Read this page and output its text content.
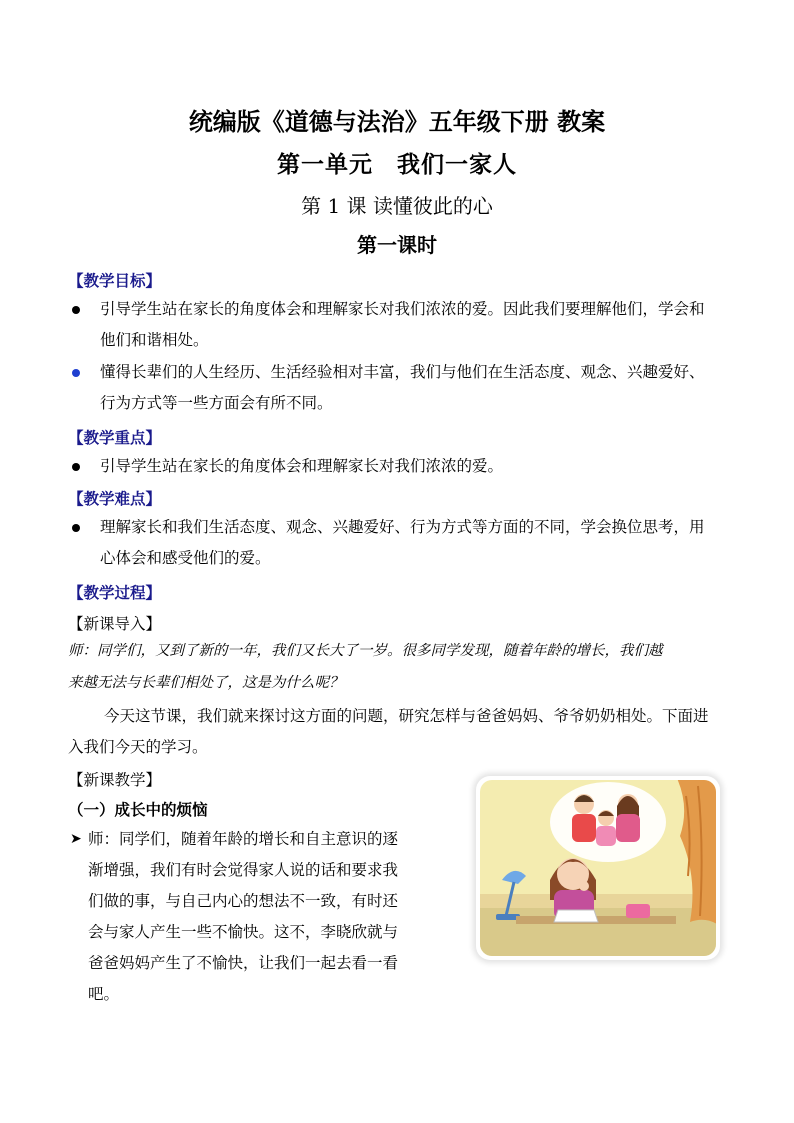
统编版《道德与法治》五年级下册 教案
第一单元　我们一家人
第 1 课 读懂彼此的心
第一课时
【教学目标】
引导学生站在家长的角度体会和理解家长对我们浓浓的爱。因此我们要理解他们，学会和
他们和谐相处。
懂得长辈们的人生经历、生活经验相对丰富，我们与他们在生活态度、观念、兴趣爱好、
行为方式等一些方面会有所不同。
【教学重点】
引导学生站在家长的角度体会和理解家长对我们浓浓的爱。
【教学难点】
理解家长和我们生活态度、观念、兴趣爱好、行为方式等方面的不同，学会换位思考，用
心体会和感受他们的爱。
【教学过程】
【新课导入】
师：同学们，又到了新的一年，我们又长大了一岁。很多同学发现，随着年龄的增长，我们越
来越无法与长辈们相处了，这是为什么呢？
今天这节课，我们就来探讨这方面的问题，研究怎样与爸爸妈妈、爷爷奶奶相处。下面进
入我们今天的学习。
【新课教学】
（一）成长中的烦恼
➤ 师：同学们，随着年龄的增长和自主意识的逐
渐增强，我们有时会觉得家人说的话和要求我
们做的事，与自己内心的想法不一致，有时还
会与家人产生一些不愉快。这不，李晓欣就与
爸爸妈妈产生了不愉快，让我们一起去看一看
吧。
